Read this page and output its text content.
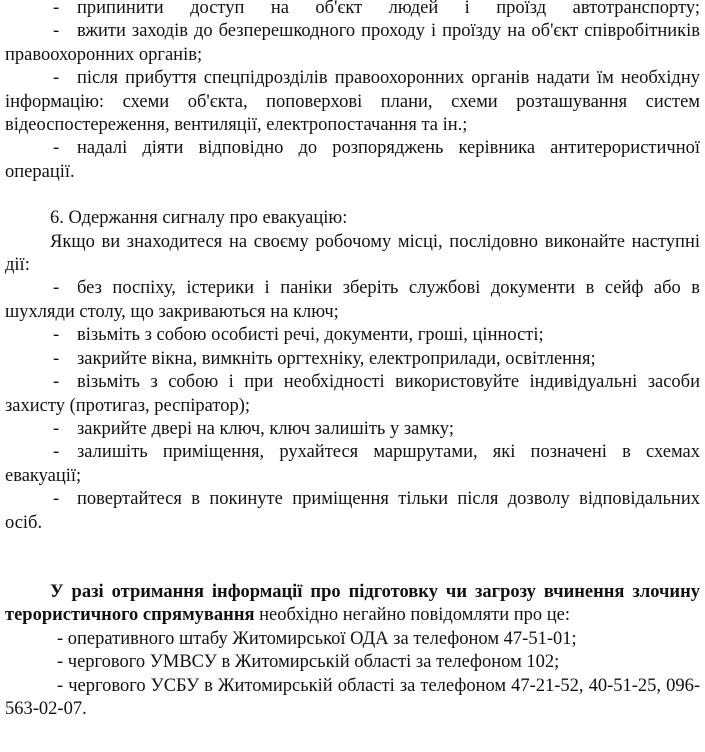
- припинити доступ на об'єкт людей і проїзд автотранспорту;

- вжити заходів до безперешкодного проходу і проїзду на об'єкт співробітників правоохоронних органів;

- після прибуття спецпідрозділів правоохоронних органів надати їм необхідну інформацію: схеми об'єкта, поповерхові плани, схеми розташування систем відеоспостереження, вентиляції, електропостачання та ін.;

- надалі діяти відповідно до розпоряджень керівника антитерористичної операції.

6. Одержання сигналу про евакуацію:

Якщо ви знаходитеся на своєму робочому місці, послідовно виконайте наступні дії:

- без поспіху, істерики і паніки зберіть службові документи в сейф або в шухляди столу, що закриваються на ключ;

- візьміть з собою особисті речі, документи, гроші, цінності;

- закрийте вікна, вимкніть оргтехніку, електроприлади, освітлення;

- візьміть з собою і при необхідності використовуйте індивідуальні засоби захисту (протигаз, респіратор);

- закрийте двері на ключ, ключ залишіть у замку;

- залишіть приміщення, рухайтеся маршрутами, які позначені в схемах евакуації;

- повертайтеся в покинуте приміщення тільки після дозволу відповідальних осіб.

У разі отримання інформації про підготовку чи загрозу вчинення злочину терористичного спрямування необхідно негайно повідомляти про це:

- оперативного штабу Житомирської ОДА за телефоном 47-51-01;

- чергового УМВСУ в Житомирській області за телефоном 102;

- чергового УСБУ в Житомирській області за телефоном 47-21-52, 40-51-25, 096-563-02-07.
